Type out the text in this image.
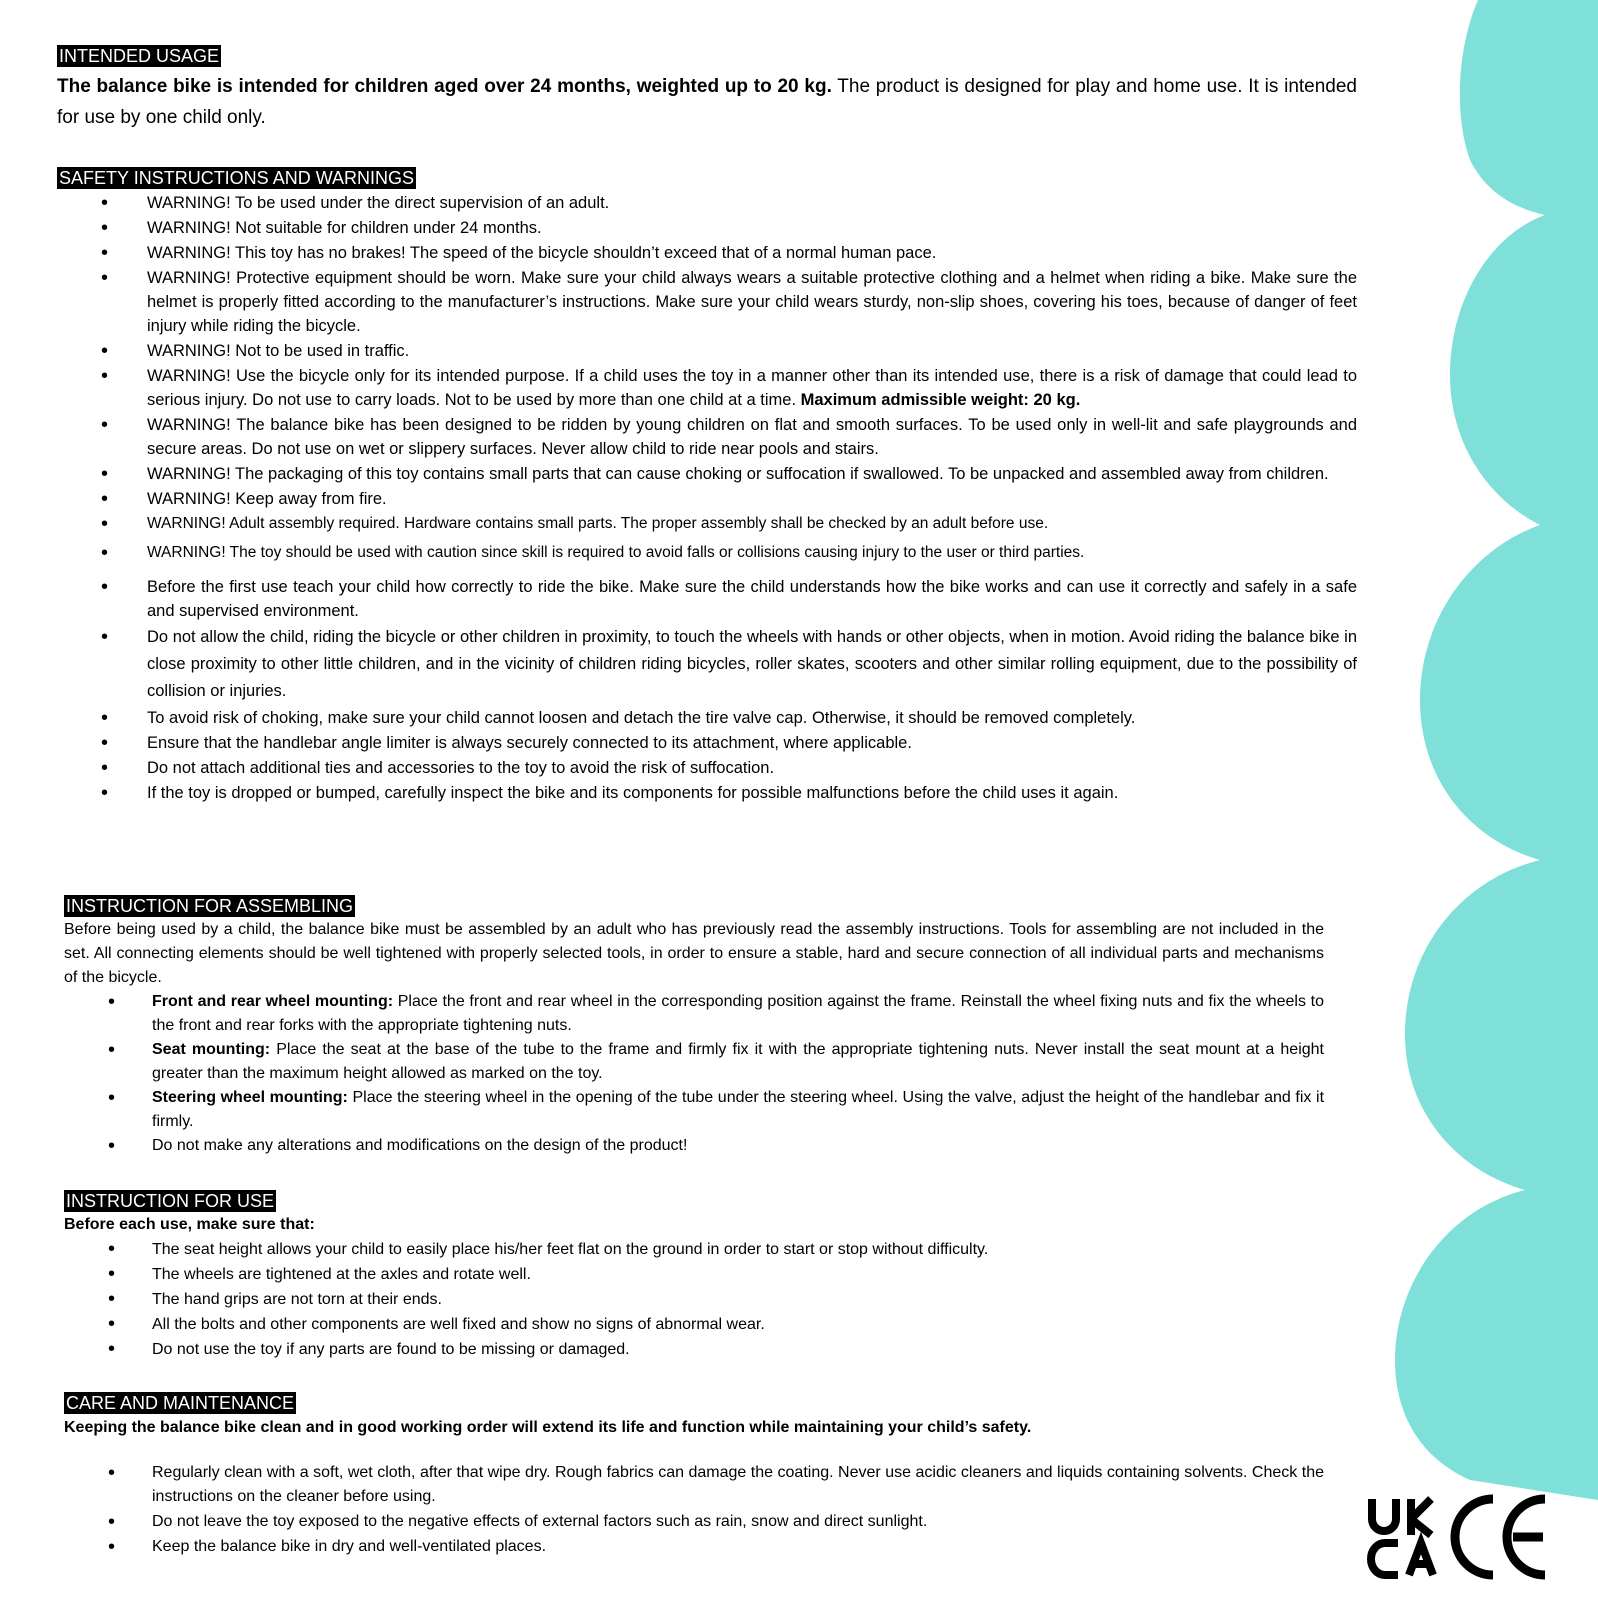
INTENDED USAGE

The balance bike is intended for children aged over 24 months, weighted up to 20 kg. The product is designed for play and home use. It is intended for use by one child only.

SAFETY INSTRUCTIONS AND WARNINGS
• WARNING! To be used under the direct supervision of an adult.
• WARNING! Not suitable for children under 24 months.
• WARNING! This toy has no brakes! The speed of the bicycle shouldn’t exceed that of a normal human pace.
• WARNING! Protective equipment should be worn. Make sure your child always wears a suitable protective clothing and a helmet when riding a bike. Make sure the helmet is properly fitted according to the manufacturer’s instructions. Make sure your child wears sturdy, non-slip shoes, covering his toes, because of danger of feet injury while riding the bicycle.
• WARNING! Not to be used in traffic.
• WARNING! Use the bicycle only for its intended purpose. If a child uses the toy in a manner other than its intended use, there is a risk of damage that could lead to serious injury. Do not use to carry loads. Not to be used by more than one child at a time. Maximum admissible weight: 20 kg.
• WARNING! The balance bike has been designed to be ridden by young children on flat and smooth surfaces. To be used only in well-lit and safe playgrounds and secure areas. Do not use on wet or slippery surfaces. Never allow child to ride near pools and stairs.
• WARNING! The packaging of this toy contains small parts that can cause choking or suffocation if swallowed. To be unpacked and assembled away from children.
• WARNING! Keep away from fire.
• WARNING! Adult assembly required. Hardware contains small parts. The proper assembly shall be checked by an adult before use.
• WARNING! The toy should be used with caution since skill is required to avoid falls or collisions causing injury to the user or third parties.
• Before the first use teach your child how correctly to ride the bike. Make sure the child understands how the bike works and can use it correctly and safely in a safe and supervised environment.
• Do not allow the child, riding the bicycle or other children in proximity, to touch the wheels with hands or other objects, when in motion. Avoid riding the balance bike in close proximity to other little children, and in the vicinity of children riding bicycles, roller skates, scooters and other similar rolling equipment, due to the possibility of collision or injuries.
• To avoid risk of choking, make sure your child cannot loosen and detach the tire valve cap. Otherwise, it should be removed completely.
• Ensure that the handlebar angle limiter is always securely connected to its attachment, where applicable.
• Do not attach additional ties and accessories to the toy to avoid the risk of suffocation.
• If the toy is dropped or bumped, carefully inspect the bike and its components for possible malfunctions before the child uses it again.
INSTRUCTION FOR ASSEMBLING

Before being used by a child, the balance bike must be assembled by an adult who has previously read the assembly instructions. Tools for assembling are not included in the set. All connecting elements should be well tightened with properly selected tools, in order to ensure a stable, hard and secure connection of all individual parts and mechanisms of the bicycle.

• Front and rear wheel mounting: Place the front and rear wheel in the corresponding position against the frame. Reinstall the wheel fixing nuts and fix the wheels to the front and rear forks with the appropriate tightening nuts.
• Seat mounting: Place the seat at the base of the tube to the frame and firmly fix it with the appropriate tightening nuts. Never install the seat mount at a height greater than the maximum height allowed as marked on the toy.
• Steering wheel mounting: Place the steering wheel in the opening of the tube under the steering wheel. Using the valve, adjust the height of the handlebar and fix it firmly.
• Do not make any alterations and modifications on the design of the product!
INSTRUCTION FOR USE

Before each use, make sure that:

• The seat height allows your child to easily place his/her feet flat on the ground in order to start or stop without difficulty.
• The wheels are tightened at the axles and rotate well.
• The hand grips are not torn at their ends.
• All the bolts and other components are well fixed and show no signs of abnormal wear.
• Do not use the toy if any parts are found to be missing or damaged.
CARE AND MAINTENANCE

Keeping the balance bike clean and in good working order will extend its life and function while maintaining your child’s safety.

• Regularly clean with a soft, wet cloth, after that wipe dry. Rough fabrics can damage the coating. Never use acidic cleaners and liquids containing solvents. Check the instructions on the cleaner before using.
• Do not leave the toy exposed to the negative effects of external factors such as rain, snow and direct sunlight.
• Keep the balance bike in dry and well-ventilated places.
